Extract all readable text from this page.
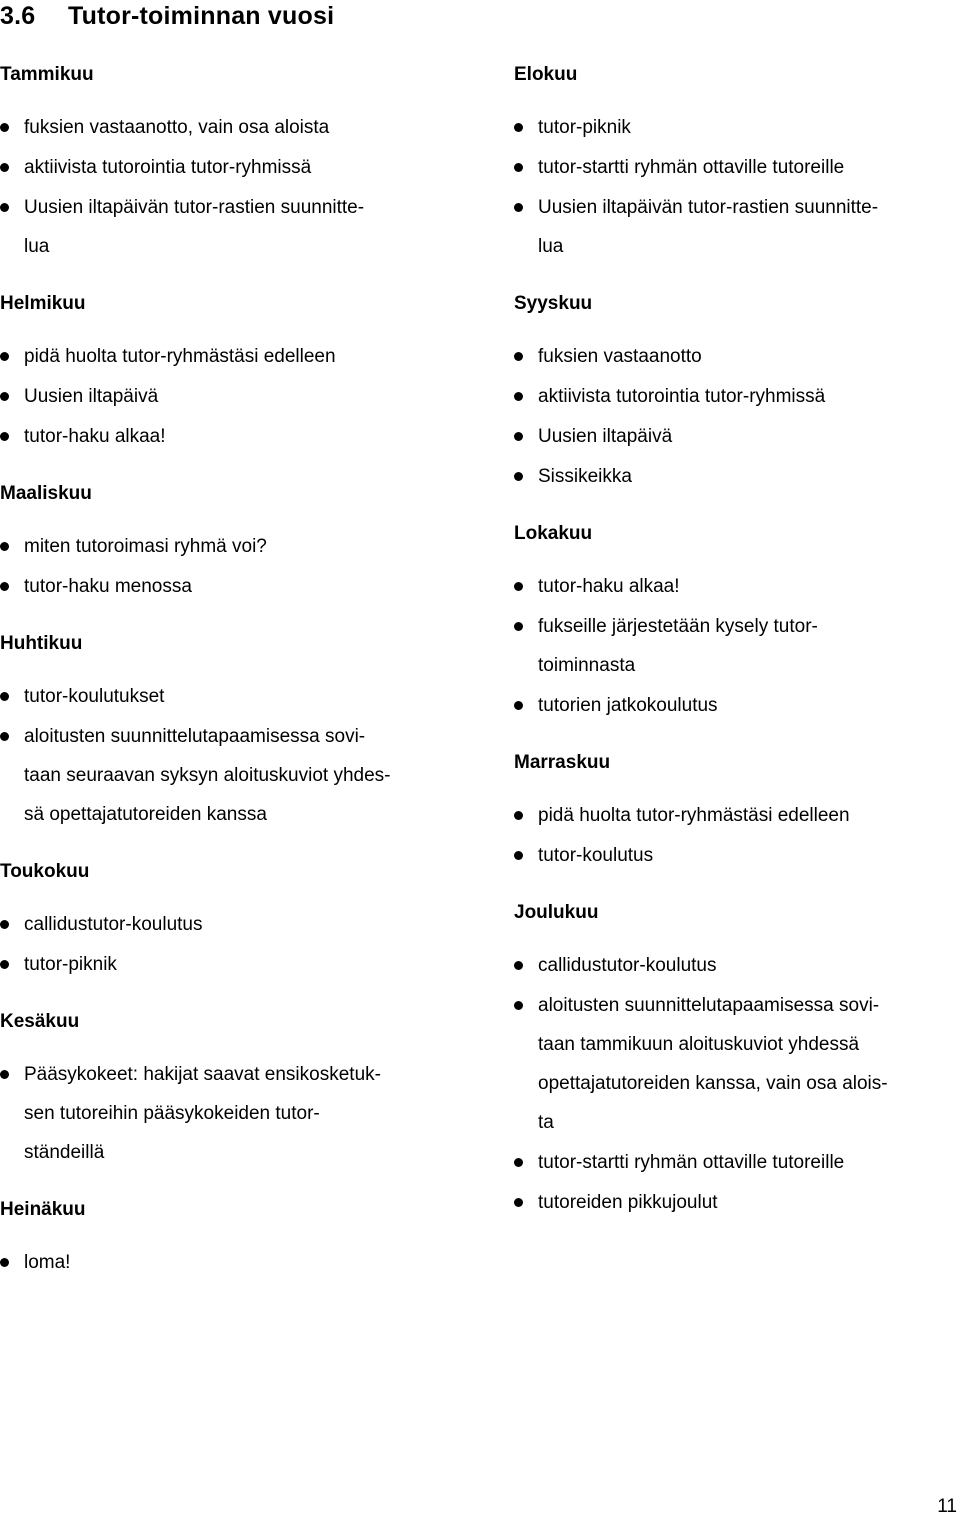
3.6 Tutor-toiminnan vuosi
Tammikuu
fuksien vastaanotto, vain osa aloista
aktiivista tutorointia tutor-ryhmissä
Uusien iltapäivän tutor-rastien suunnitte-
lua
Helmikuu
pidä huolta tutor-ryhmästäsi edelleen
Uusien iltapäivä
tutor-haku alkaa!
Maaliskuu
miten tutoroimasi ryhmä voi?
tutor-haku menossa
Huhtikuu
tutor-koulutukset
aloitusten suunnittelutapaamisessa sovi-
taan seuraavan syksyn aloituskuviot yhdes-
sä opettajatutoreiden kanssa
Toukokuu
callidustutor-koulutus
tutor-piknik
Kesäkuu
Pääsykokeet: hakijat saavat ensikosketuk-
sen tutoreihin pääsykokeiden tutor-
ständeillä
Heinäkuu
loma!
Elokuu
tutor-piknik
tutor-startti ryhmän ottaville tutoreille
Uusien iltapäivän tutor-rastien suunnitte-
lua
Syyskuu
fuksien vastaanotto
aktiivista tutorointia tutor-ryhmissä
Uusien iltapäivä
Sissikeikka
Lokakuu
tutor-haku alkaa!
fukseille järjestetään kysely tutor-
toiminnasta
tutorien jatkokoulutus
Marraskuu
pidä huolta tutor-ryhmästäsi edelleen
tutor-koulutus
Joulukuu
callidustutor-koulutus
aloitusten suunnittelutapaamisessa sovi-
taan tammikuun aloituskuviot yhdessä
opettajatutoreiden kanssa, vain osa alois-
ta
tutor-startti ryhmän ottaville tutoreille
tutoreiden pikkujoulut
11
